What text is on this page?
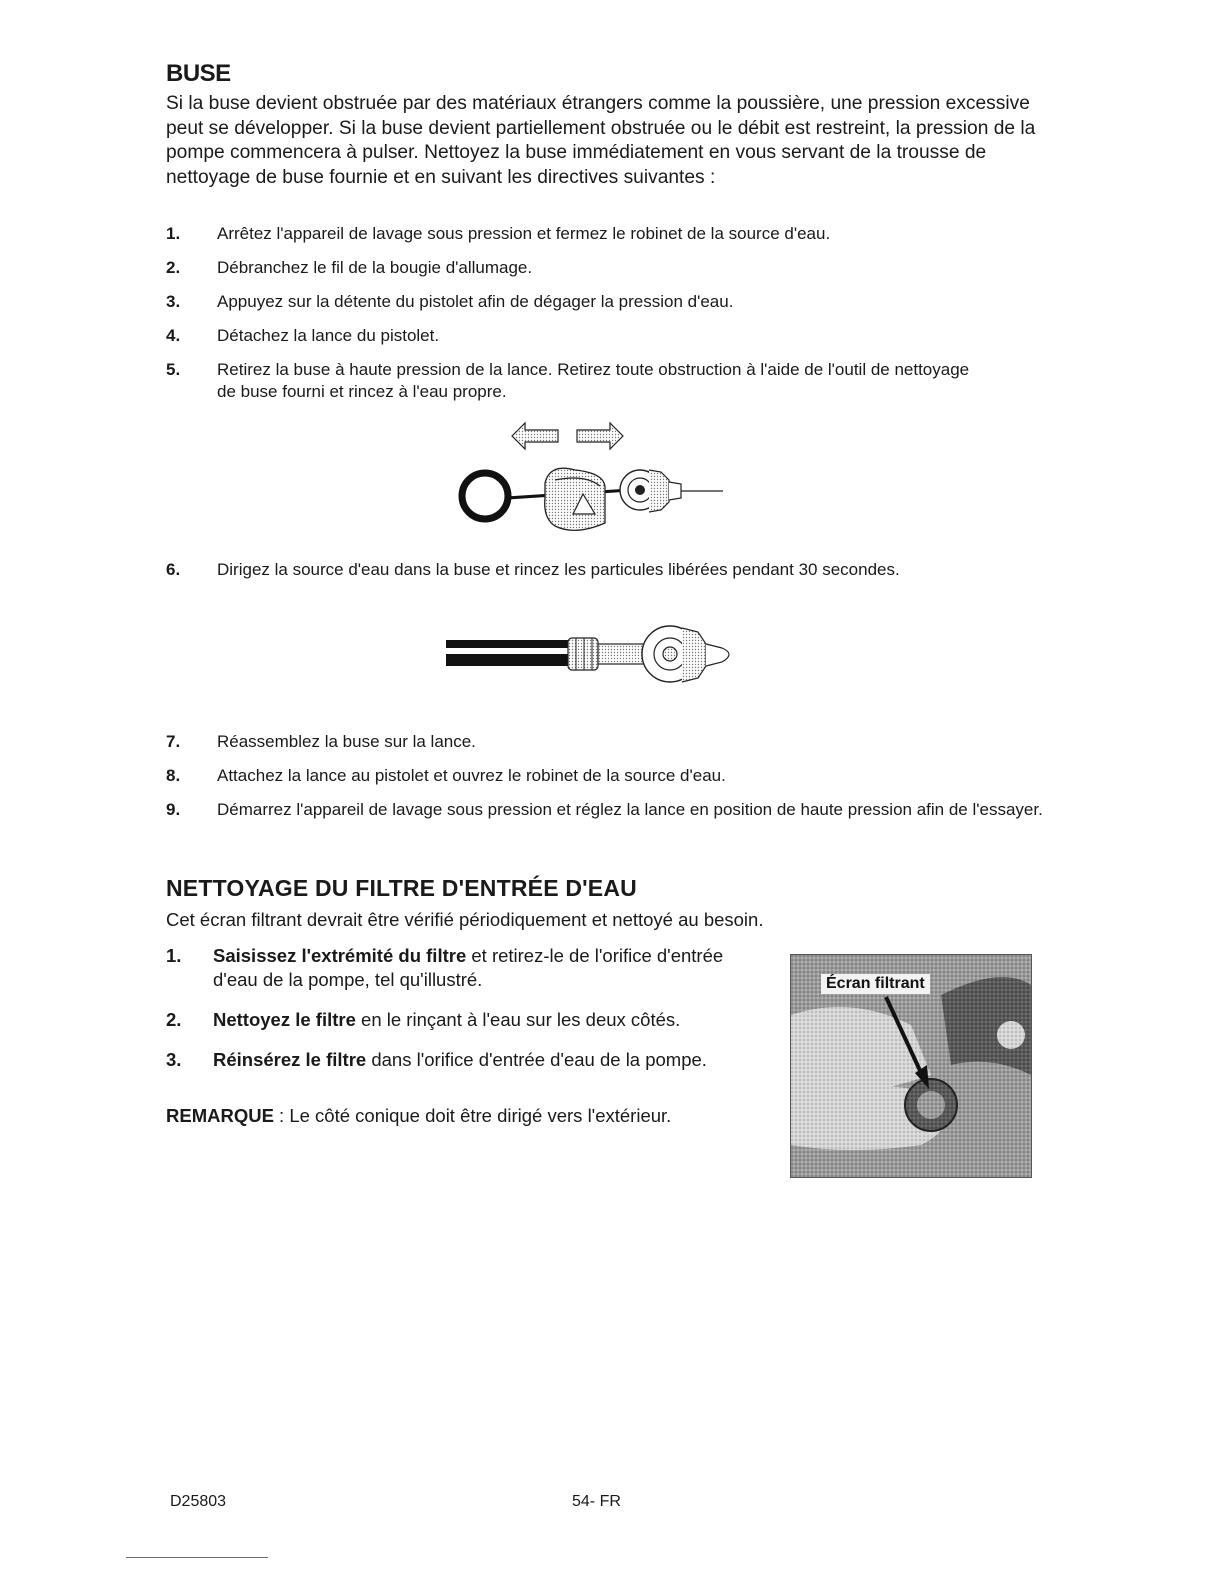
BUSE
Si la buse devient obstruée par des matériaux étrangers comme la poussière, une pression excessive peut se développer. Si la buse devient partiellement obstruée ou le débit est restreint, la pression de la pompe commencera à pulser. Nettoyez la buse immédiatement en vous servant de la trousse de nettoyage de buse fournie et en suivant les directives suivantes :
1. Arrêtez l'appareil de lavage sous pression et fermez le robinet de la source d'eau.
2. Débranchez le fil de la bougie d'allumage.
3. Appuyez sur la détente du pistolet afin de dégager la pression d'eau.
4. Détachez la lance du pistolet.
5. Retirez la buse à haute pression de la lance. Retirez toute obstruction à l'aide de l'outil de nettoyage de buse fourni et rincez à l'eau propre.
6. Dirigez la source d'eau dans la buse et rincez les particules libérées pendant 30 secondes.
7. Réassemblez la buse sur la lance.
8. Attachez la lance au pistolet et ouvrez le robinet de la source d'eau.
9. Démarrez l'appareil de lavage sous pression et réglez la lance en position de haute pression afin de l'essayer.
NETTOYAGE DU FILTRE D'ENTRÉE D'EAU
Cet écran filtrant devrait être vérifié périodiquement et nettoyé au besoin.
1. Saisissez l'extrémité du filtre et retirez-le de l'orifice d'entrée d'eau de la pompe, tel qu'illustré.
2. Nettoyez le filtre en le rinçant à l'eau sur les deux côtés.
3. Réinsérez le filtre dans l'orifice d'entrée d'eau de la pompe.
REMARQUE : Le côté conique doit être dirigé vers l'extérieur.
Écran filtrant
D25803	54- FR
